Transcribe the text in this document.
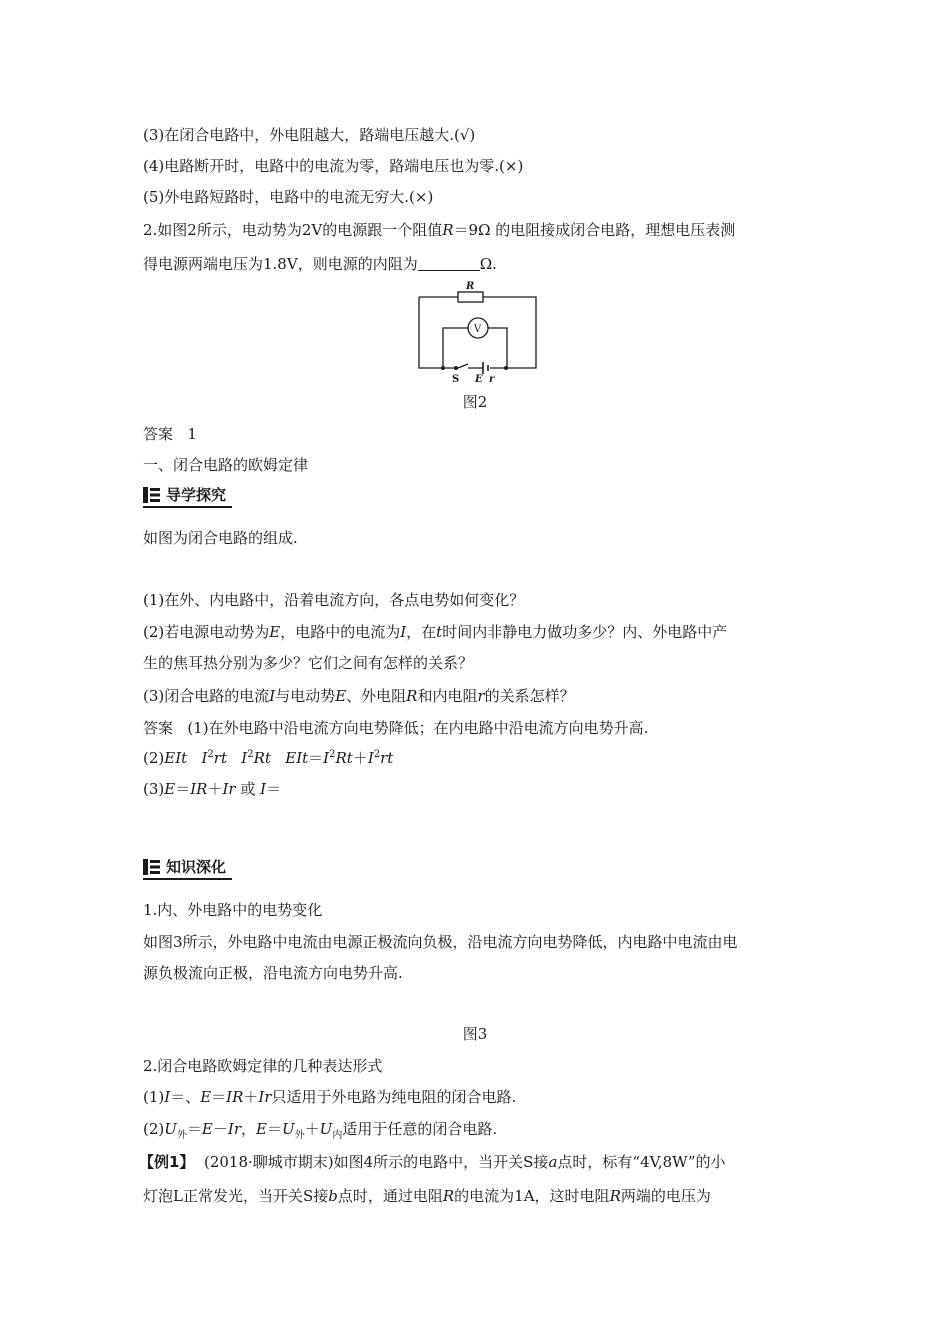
(3)在闭合电路中，外电阻越大，路端电压越大.(√)
(4)电路断开时，电路中的电流为零，路端电压也为零.(×)
(5)外电路短路时，电路中的电流无穷大.(×)
2.如图2所示，电动势为2V的电源跟一个阻值R＝9Ω 的电阻接成闭合电路，理想电压表测
得电源两端电压为1.8V，则电源的内阻为	Ω.
R
V
S E r
图2
答案 1
一、闭合电路的欧姆定律
导学探究
如图为闭合电路的组成.
(1)在外、内电路中，沿着电流方向，各点电势如何变化？
(2)若电源电动势为E，电路中的电流为I，在t时间内非静电力做功多少？内、外电路中产
生的焦耳热分别为多少？它们之间有怎样的关系？
(3)闭合电路的电流I与电动势E、外电阻R和内电阻r的关系怎样？
答案 (1)在外电路中沿电流方向电势降低；在内电路中沿电流方向电势升高.
(2)EIt $I^2rt$ $I^2Rt$ $EIt=I^2Rt+I^2rt$
(3)E＝IR＋Ir 或 I＝
知识深化
1.内、外电路中的电势变化
如图3所示，外电路中电流由电源正极流向负极，沿电流方向电势降低，内电路中电流由电
源负极流向正极，沿电流方向电势升高.
图3
2.闭合电路欧姆定律的几种表达形式
(1)I＝、E＝IR＋Ir只适用于外电路为纯电阻的闭合电路.
$(2)U_外=E-Ir$，$E=U_外+U_内$适用于任意的闭合电路.
【例1】 (2018·聊城市期末)如图4所示的电路中，当开关S接a点时，标有“4V,8W”的小
灯泡L正常发光，当开关S接b点时，通过电阻R的电流为1A，这时电阻R两端的电压为
